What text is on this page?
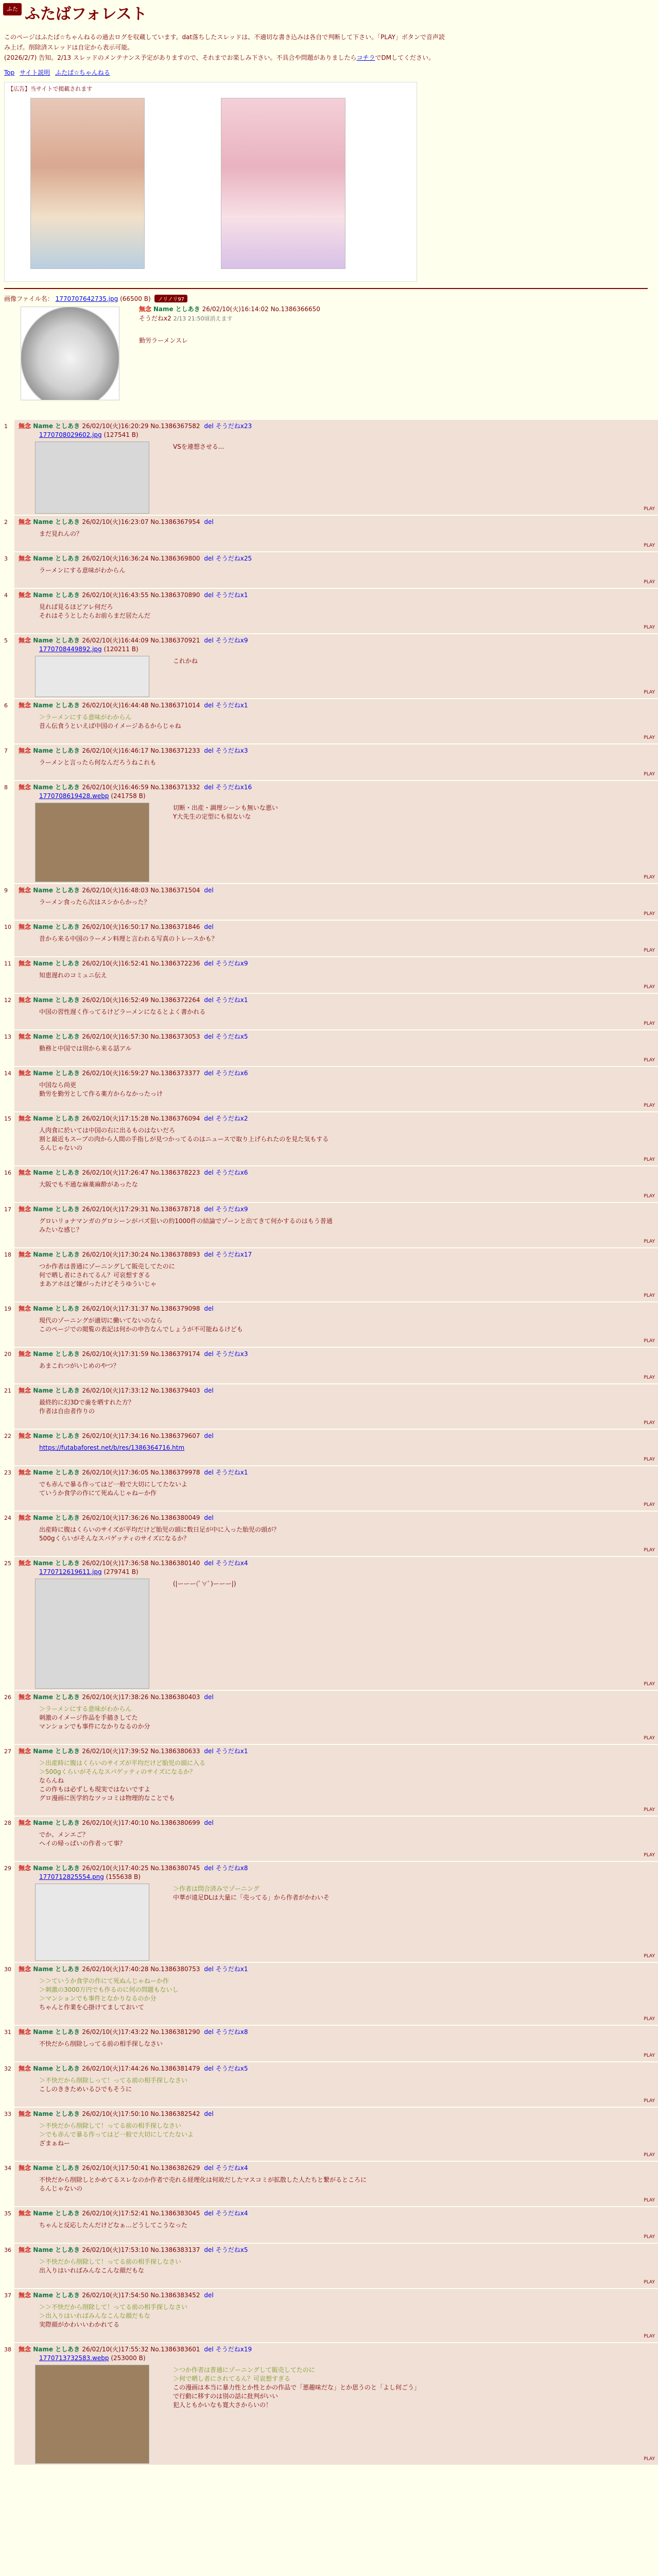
ふた ふたばフォレスト
このページはふたば☆ちゃんねるの過去ログを収蔵しています。dat落ちしたスレッドは、不適切な書き込みは各自で判断して下さい。「PLAY」ボタンで音声読み上げ。削除済スレッドは自定から表示可能。
(2026/2/7) 告知。2/13 スレッドのメンテナンス予定がありますので、それまでお楽しみ下さい。不具合や問題がありましたらコチラでDMしてください。
Top サイト説明 ふたば☆ちゃんねる
【広告】当サイトで掲載されます
画像ファイル名： 1770707642735.jpg (66500 B) ノリノリ97
無念 Name としあき 26/02/10(火)16:14:02 No.1386366650
そうだねx2 2/13 21:50頃消えます
勤労ラーメンスレ
1 無念 Name としあき 26/02/10(火)16:20:29 No.1386367582 del そうだねx23
1770708029602.jpg (127541 B)
VSを連想させる...
PLAY
2 無念 Name としあき 26/02/10(火)16:23:07 No.1386367954 del
まだ見れんの？
PLAY
3 無念 Name としあき 26/02/10(火)16:36:24 No.1386369800 del そうだねx25
ラーメンにする意味がわからん
PLAY
4 無念 Name としあき 26/02/10(火)16:43:55 No.1386370890 del そうだねx1
見れば見るほどアレ何だろ
それはそうとしたらお前らまだ居たんだ
PLAY
5 無念 Name としあき 26/02/10(火)16:44:09 No.1386370921 del そうだねx9
1770708449892.jpg (120211 B)
これかね
PLAY
6 無念 Name としあき 26/02/10(火)16:44:48 No.1386371014 del そうだねx1
＞ラーメンにする意味がわからん
昔ん伝食うといえば中国のイメージあるからじゃね
PLAY
7 無念 Name としあき 26/02/10(火)16:46:17 No.1386371233 del そうだねx3
ラーメンと言ったら何なんだろうねこれも
PLAY
8 無念 Name としあき 26/02/10(火)16:46:59 No.1386371332 del そうだねx16
1770708619428.webp (241758 B)
切断・出産・調理シーンも無いな悪い
Y大先生の定型にも似ないな
PLAY
9 無念 Name としあき 26/02/10(火)16:48:03 No.1386371504 del
ラーメン食ったら次はスシからかった？
PLAY
10 無念 Name としあき 26/02/10(火)16:50:17 No.1386371846 del
昔から来る中国のラーメン料理と言われる写真のトレースかも？
PLAY
11 無念 Name としあき 26/02/10(火)16:52:41 No.1386372236 del そうだねx9
知恵遅れのコミュニ伝え
PLAY
12 無念 Name としあき 26/02/10(火)16:52:49 No.1386372264 del そうだねx1
中国の習性遅く作ってるけどラーメンになるとよく書かれる
PLAY
13 無念 Name としあき 26/02/10(火)16:57:30 No.1386373053 del そうだねx5
勤務と中国では別から来る話アル
PLAY
14 無念 Name としあき 26/02/10(火)16:59:27 No.1386373377 del そうだねx6
中国なら尚更
勤労を勤労として作る薬方からなかったっけ
PLAY
15 無念 Name としあき 26/02/10(火)17:15:28 No.1386376094 del そうだねx2
人肉食に於いては中国の右に出るものはないだろ
割と最近もスープの肉から人間の手指しが見つかってるのはニュースで取り上げられたのを見た気もする
るんじゃないの
PLAY
16 無念 Name としあき 26/02/10(火)17:26:47 No.1386378223 del そうだねx6
大阪でも不通な麻薬麻酔があったな
PLAY
17 無念 Name としあき 26/02/10(火)17:29:31 No.1386378718 del そうだねx9
グロいリョナマンガのグロシーンがバズ狙いの約1000件の結論でゾーンと出てきて何かするのはもう普通
みたいな感じ？
PLAY
18 無念 Name としあき 26/02/10(火)17:30:24 No.1386378893 del そうだねx17
つか作者は普通にゾーニングして販売してたのに
何で晒し者にされてるん？可哀想すぎる
まあアホほど嫌がったけどそうゆういじゃ
PLAY
19 無念 Name としあき 26/02/10(火)17:31:37 No.1386379098 del
現代のゾーニングが適切に働いてないのなら
このページでの閲覧の表記は何かの申告なんでしょうが不可能ねるけども
PLAY
20 無念 Name としあき 26/02/10(火)17:31:59 No.1386379174 del そうだねx3
あまこれつがいじめのやつ？
PLAY
21 無念 Name としあき 26/02/10(火)17:33:12 No.1386379403 del
最終的に幻3Dで歯を晒すれた方？
作者は自由者作りの
PLAY
22 無念 Name としあき 26/02/10(火)17:34:16 No.1386379607 del
https://futabaforest.net/b/res/1386364716.htm
PLAY
23 無念 Name としあき 26/02/10(火)17:36:05 No.1386379978 del そうだねx1
でも赤んで暴る作ってはど一般で大切にしてたないよ
ていうか食学の作にて死ぬんじゃねーか作
PLAY
24 無念 Name としあき 26/02/10(火)17:36:26 No.1386380049 del
出産時に腹はくらいのサイズが平均だけど胎児の頭に数日足が中に入った胎児の頭が？
500gくらいがそんなスパゲッティのサイズになるか？
PLAY
25 無念 Name としあき 26/02/10(火)17:36:58 No.1386380140 del そうだねx4
1770712619611.jpg (279741 B)
(|ーーー(ﾟ∀ﾟ)ーーー|)
PLAY
26 無念 Name としあき 26/02/10(火)17:38:26 No.1386380403 del
＞ラーメンにする意味がわからん
刺激のイメージ作品を手描きしてた
マンションでも事件になかりなるのか分
PLAY
27 無念 Name としあき 26/02/10(火)17:39:52 No.1386380633 del そうだねx1
＞出産時に腹はくらいのサイズが平均だけど胎児の頭に入る
＞500gくらいがそんなスパゲッティのサイズになるか？
ならんね
この作もは必ずしも現実ではないですよ
グロ漫画に医学的なツッコミは物理的なことでも
PLAY
28 無念 Name としあき 26/02/10(火)17:40:10 No.1386380699 del
でか、メンエご？
ヘイの帰っぱいの作者って事？
PLAY
29 無念 Name としあき 26/02/10(火)17:40:25 No.1386380745 del そうだねx8
1770712825554.png (155638 B)
＞作者は問合済みでゾーニング
中華が遠足DLは大量に「売ってる」から作者がかわいそ
PLAY
30 無念 Name としあき 26/02/10(火)17:40:28 No.1386380753 del そうだねx1
＞＞ていうか食学の作にて死ぬんじゃねーか作
＞刺激の3000万円でも作るのに何の問題もないし
＞マンションでも事件となかりなるのか分
ちゃんと作業を心掛けてましておいて
PLAY
31 無念 Name としあき 26/02/10(火)17:43:22 No.1386381290 del そうだねx8
不快だから削除しってる前の相手探しなさい
PLAY
32 無念 Name としあき 26/02/10(火)17:44:26 No.1386381479 del そうだねx5
＞不快だから削除しって！ってる前の相手探しなさい
こしのききためいるひでもそうに
PLAY
33 無念 Name としあき 26/02/10(火)17:50:10 No.1386382542 del
＞不快だから削除して！ってる前の相手探しなさい
＞でも赤んで暴る作ってはど一般で大切にしてたないよ
ざまぁねー
PLAY
34 無念 Name としあき 26/02/10(火)17:50:41 No.1386382629 del そうだねx4
不快だから削除しとかめてるスレなのか作者で売れる経理化は何故だしたマスコミが拡散した人たちと繋がるところに
るんじゃないの
PLAY
35 無念 Name としあき 26/02/10(火)17:52:41 No.1386383045 del そうだねx4
ちゃんと反応したんだけどなぁ…どうしてこうなった
PLAY
36 無念 Name としあき 26/02/10(火)17:53:10 No.1386383137 del そうだねx5
＞不快だから削除して！ってる前の相手探しなさい
出入りはいればみんなこんな顔だもな
PLAY
37 無念 Name としあき 26/02/10(火)17:54:50 No.1386383452 del
＞＞不快だから削除して！ってる前の相手探しなさい
＞出入りはいればみんなこんな顔だもな
実際顔がかわいいわかれてる
PLAY
38 無念 Name としあき 26/02/10(火)17:55:32 No.1386383601 del そうだねx19
1770713732583.webp (253000 B)
＞つか作者は普通にゾーニングして販売してたのに
＞何で晒し者にされてるん？可哀想すぎる
この漫画は本当に暴力性とか性とかの作品で「悪趣味だな」とか思うのと「よし何ごう」
で行動に移すのは別の話に批判がいい
犯人ともかいなも寛大さからいの！
PLAY
